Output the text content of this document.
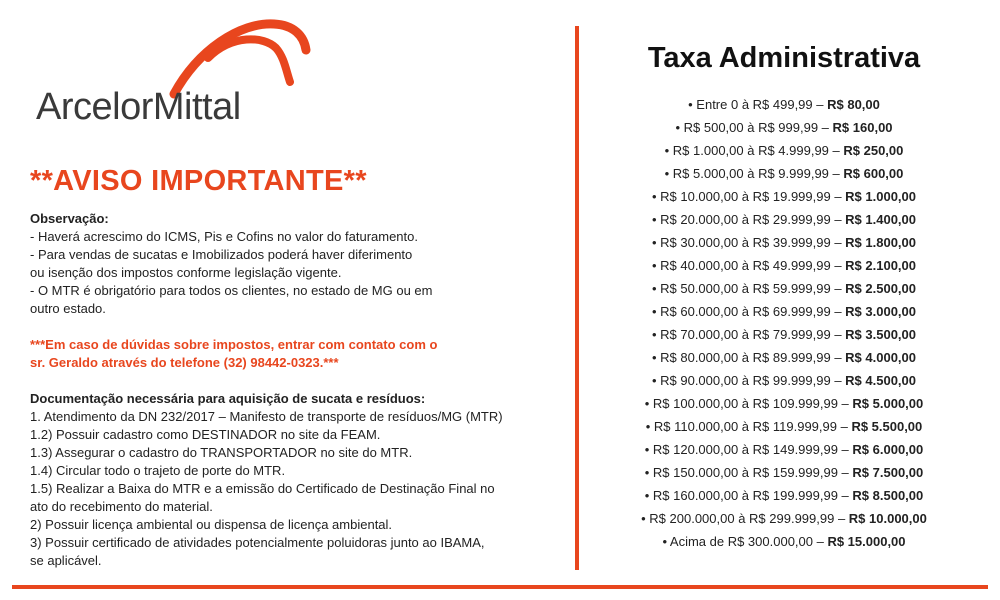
ArcelorMittal
**AVISO IMPORTANTE**
Observação:
- Haverá acrescimo do ICMS, Pis e Cofins no valor do faturamento.
- Para vendas de sucatas e Imobilizados poderá haver diferimento
ou isenção dos impostos conforme legislação vigente.
- O MTR é obrigatório para todos os clientes, no estado de MG ou em
outro estado.
***Em caso de dúvidas sobre impostos, entrar com contato com o
sr. Geraldo através do telefone (32) 98442-0323.***
Documentação necessária para aquisição de sucata e resíduos:
1. Atendimento da DN 232/2017 – Manifesto de transporte de resíduos/MG (MTR)
1.2) Possuir cadastro como DESTINADOR no site da FEAM.
1.3) Assegurar o cadastro do TRANSPORTADOR no site do MTR.
1.4) Circular todo o trajeto de porte do MTR.
1.5) Realizar a Baixa do MTR e a emissão do Certificado de Destinação Final no
ato do recebimento do material.
2) Possuir licença ambiental ou dispensa de licença ambiental.
3) Possuir certificado de atividades potencialmente poluidoras junto ao IBAMA,
se aplicável.
Taxa Administrativa
• Entre 0 à R$ 499,99 – R$ 80,00
• R$ 500,00 à R$ 999,99 – R$ 160,00
• R$ 1.000,00 à R$ 4.999,99 – R$ 250,00
• R$ 5.000,00 à R$ 9.999,99 – R$ 600,00
• R$ 10.000,00 à R$ 19.999,99 – R$ 1.000,00
• R$ 20.000,00 à R$ 29.999,99 – R$ 1.400,00
• R$ 30.000,00 à R$ 39.999,99 – R$ 1.800,00
• R$ 40.000,00 à R$ 49.999,99 – R$ 2.100,00
• R$ 50.000,00 à R$ 59.999,99 – R$ 2.500,00
• R$ 60.000,00 à R$ 69.999,99 – R$ 3.000,00
• R$ 70.000,00 à R$ 79.999,99 – R$ 3.500,00
• R$ 80.000,00 à R$ 89.999,99 – R$ 4.000,00
• R$ 90.000,00 à R$ 99.999,99 – R$ 4.500,00
• R$ 100.000,00 à R$ 109.999,99 – R$ 5.000,00
• R$ 110.000,00 à R$ 119.999,99 – R$ 5.500,00
• R$ 120.000,00 à R$ 149.999,99 – R$ 6.000,00
• R$ 150.000,00 à R$ 159.999,99 – R$ 7.500,00
• R$ 160.000,00 à R$ 199.999,99 – R$ 8.500,00
• R$ 200.000,00 à R$ 299.999,99 – R$ 10.000,00
• Acima de R$ 300.000,00 – R$ 15.000,00
